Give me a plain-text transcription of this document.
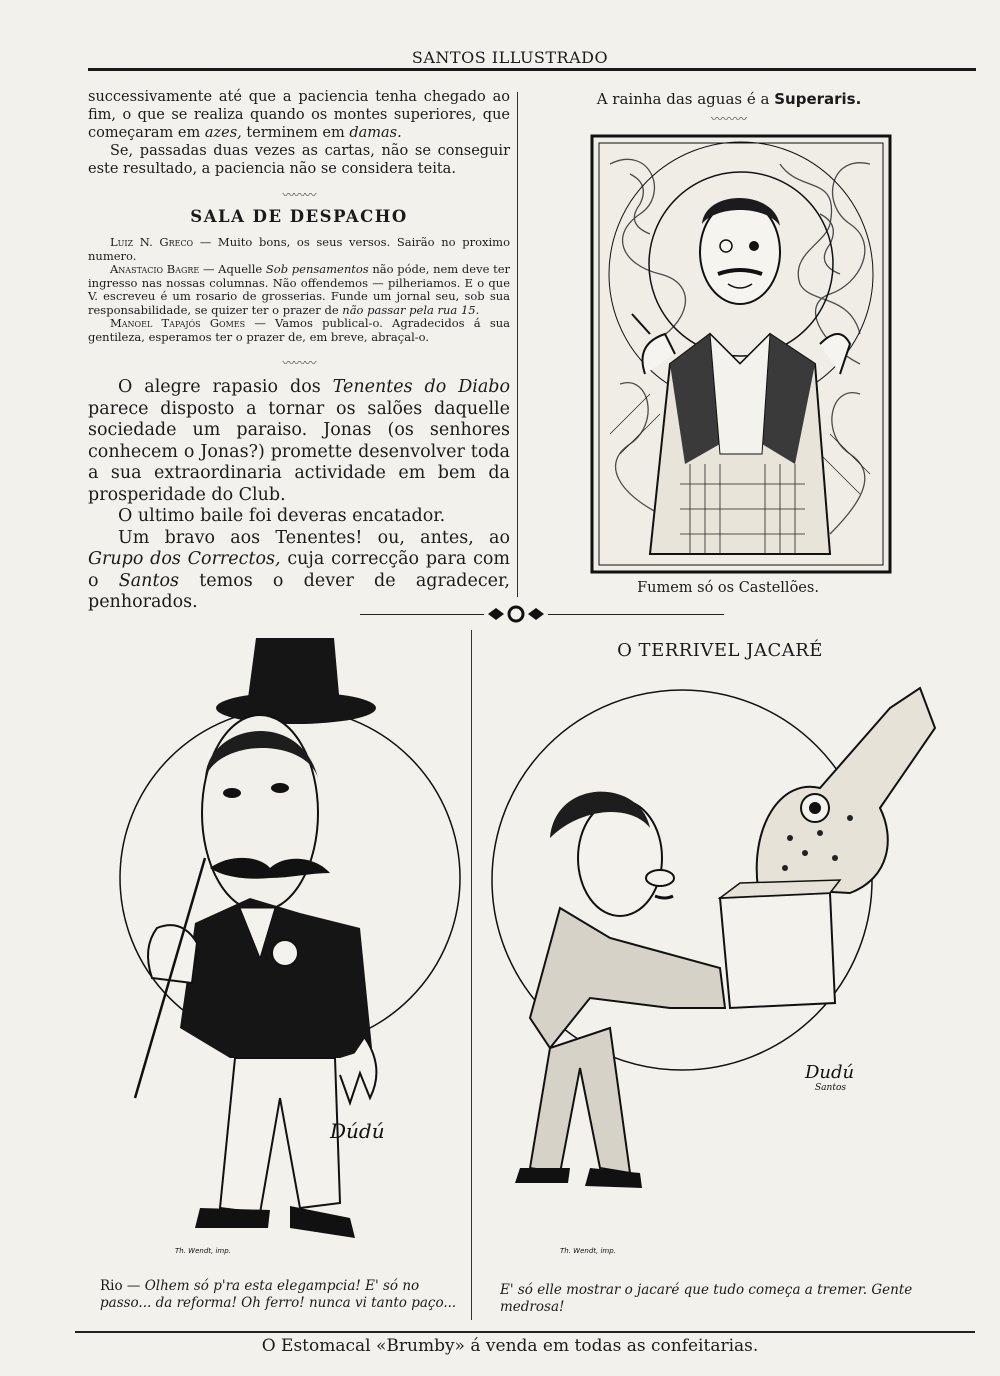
SANTOS ILLUSTRADO

successivamente até que a paciencia tenha chegado ao fim, o que se realiza quando os montes superiores, que começaram em azes, terminem em damas.

Se, passadas duas vezes as cartas, não se conseguir este resultado, a paciencia não se considera teita.

〰〰〰
SALA DE DESPACHO

Luiz N. Greco — Muito bons, os seus versos. Sairão no proximo numero.

Anastacio Bagre — Aquelle Sob pensamentos não póde, nem deve ter ingresso nas nossas columnas. Não offendemos — pilheriamos. E o que V. escreveu é um rosario de grosserias. Funde um jornal seu, sob sua responsabilidade, se quizer ter o prazer de não passar pela rua 15.

Manoel Tapajós Gomes — Vamos publical-o. Agradecidos á sua gentileza, esperamos ter o prazer de, em breve, abraçal-o.

〰〰〰

O alegre rapasio dos Tenentes do Diabo parece disposto a tornar os salões daquelle sociedade um paraiso. Jonas (os senhores conhecem o Jonas?) promette desenvolver toda a sua extraordinaria actividade em bem da prosperidade do Club.

O ultimo baile foi deveras encatador.

Um bravo aos Tenentes! ou, antes, ao Grupo dos Correctos, cuja correcção para com o Santos temos o dever de agradecer, penhorados.

A rainha das aguas é a Superaris.
〰〰〰
Fumem só os Castellões.
Dúdú
Th. Wendt, imp.
Rio — Olhem só p'ra esta elegampcia! E' só no passo... da reforma! Oh ferro! nunca vi tanto paço...
O TERRIVEL JACARÉ
Dudú
Santos
Th. Wendt, imp.
E' só elle mostrar o jacaré que tudo começa a tremer. Gente medrosa!
O Estomacal «Brumby» á venda em todas as confeitarias.
